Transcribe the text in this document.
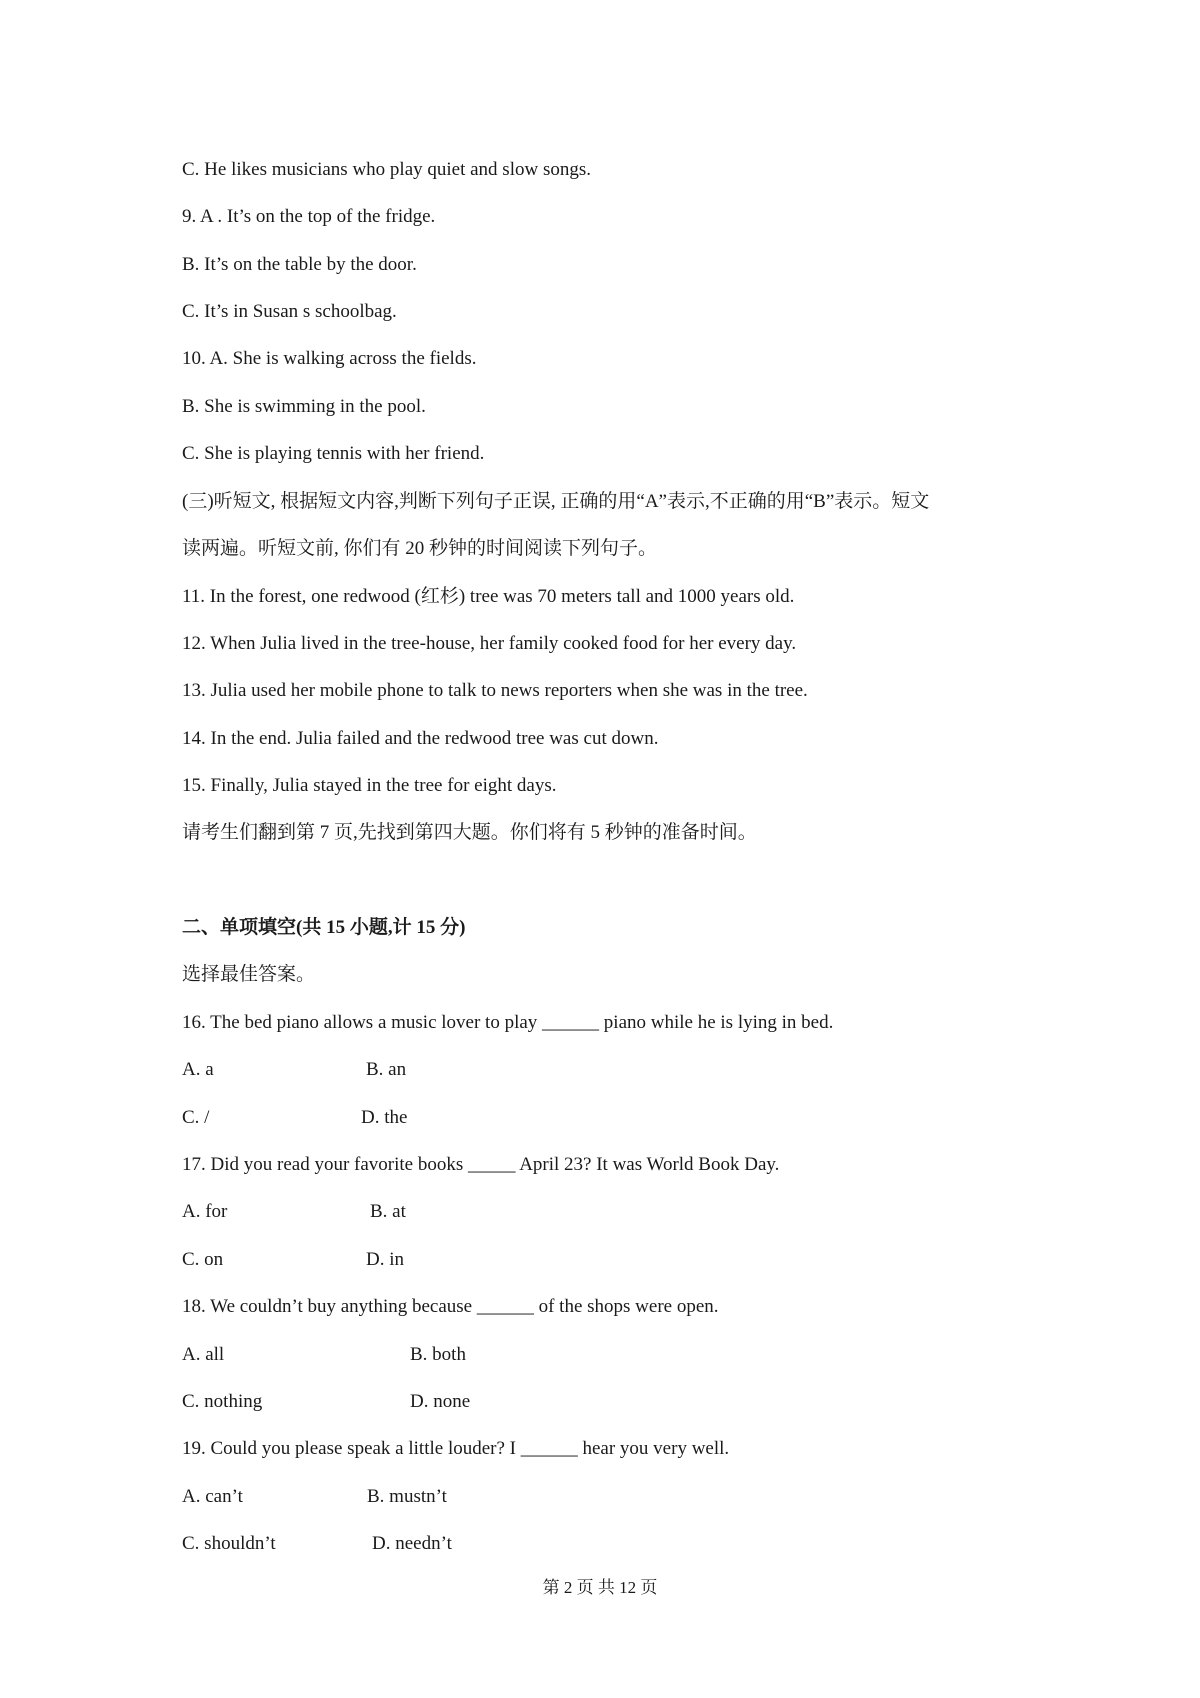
C. He likes musicians who play quiet and slow songs.
9. A . It’s on the top of the fridge.
B. It’s on the table by the door.
C. It’s in Susan s schoolbag.
10. A. She is walking across the fields.
B. She is swimming in the pool.
C. She is playing tennis with her friend.
(三)听短文, 根据短文内容,判断下列句子正误, 正确的用“A”表示,不正确的用“B”表示。短文
读两遍。听短文前, 你们有 20 秒钟的时间阅读下列句子。
11. In the forest, one redwood (红杉) tree was 70 meters tall and 1000 years old.
12. When Julia lived in the tree-house, her family cooked food for her every day.
13. Julia used her mobile phone to talk to news reporters when she was in the tree.
14. In the end. Julia failed and the redwood tree was cut down.
15. Finally, Julia stayed in the tree for eight days.
请考生们翻到第 7 页,先找到第四大题。你们将有 5 秒钟的准备时间。
二、单项填空(共 15 小题,计 15 分)
选择最佳答案。
16. The bed piano allows a music lover to play ______ piano while he is lying in bed.
A. a	B. an
C. /	D. the
17. Did you read your favorite books _____ April 23? It was World Book Day.
A. for	B. at
C. on	D. in
18. We couldn’t buy anything because ______ of the shops were open.
A. all	B. both
C. nothing	D. none
19. Could you please speak a little louder? I ______ hear you very well.
A. can’t	B. mustn’t
C. shouldn’t	D. needn’t
第 2 页 共 12 页
